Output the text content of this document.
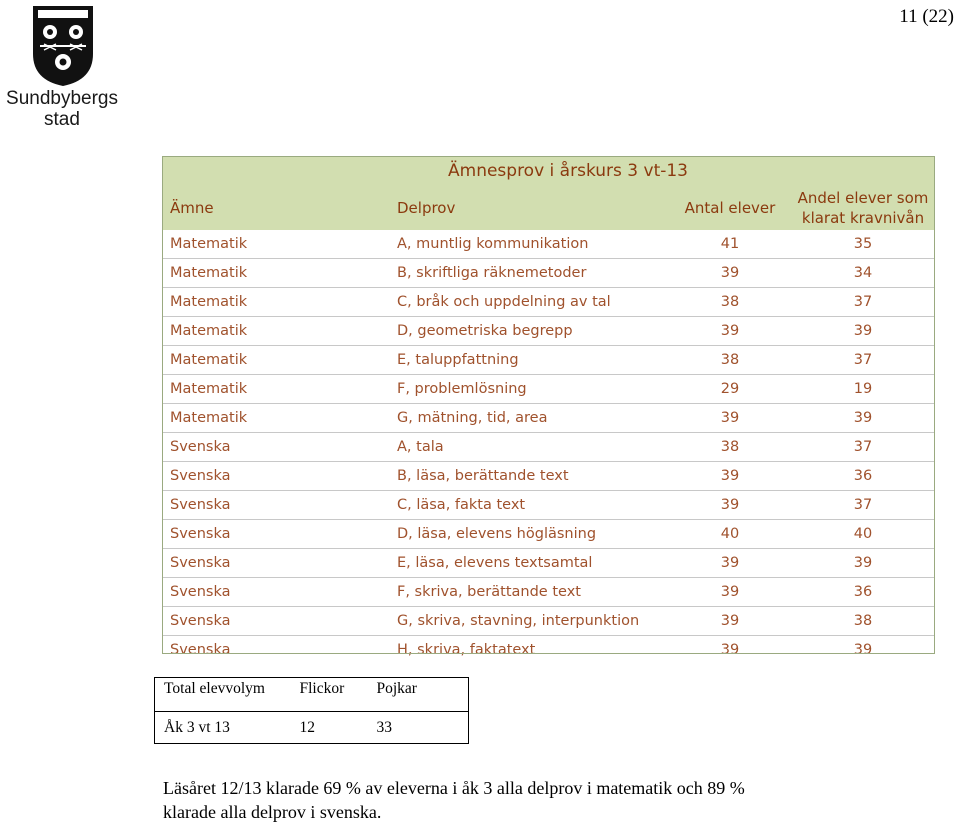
Sundbybergs
stad
11 (22)
	Ämnesprov i årskurs 3 vt-13		
Ämne	Delprov	Antal elever	Andel elever som klarat kravnivån
Matematik	A, muntlig kommunikation	41	35
Matematik	B, skriftliga räknemetoder	39	34
Matematik	C, bråk och uppdelning av tal	38	37
Matematik	D, geometriska begrepp	39	39
Matematik	E, taluppfattning	38	37
Matematik	F, problemlösning	29	19
Matematik	G, mätning, tid, area	39	39
Svenska	A, tala	38	37
Svenska	B, läsa, berättande text	39	36
Svenska	C, läsa, fakta text	39	37
Svenska	D, läsa, elevens högläsning	40	40
Svenska	E, läsa, elevens textsamtal	39	39
Svenska	F, skriva, berättande text	39	36
Svenska	G, skriva, stavning, interpunktion	39	38
Svenska	H, skriva, faktatext	39	39
Total elevvolym	Flickor	Pojkar
Åk 3 vt 13	12	33
Läsåret 12/13 klarade 69 % av eleverna i åk 3 alla delprov i matematik och 89 %
klarade alla delprov i svenska.
